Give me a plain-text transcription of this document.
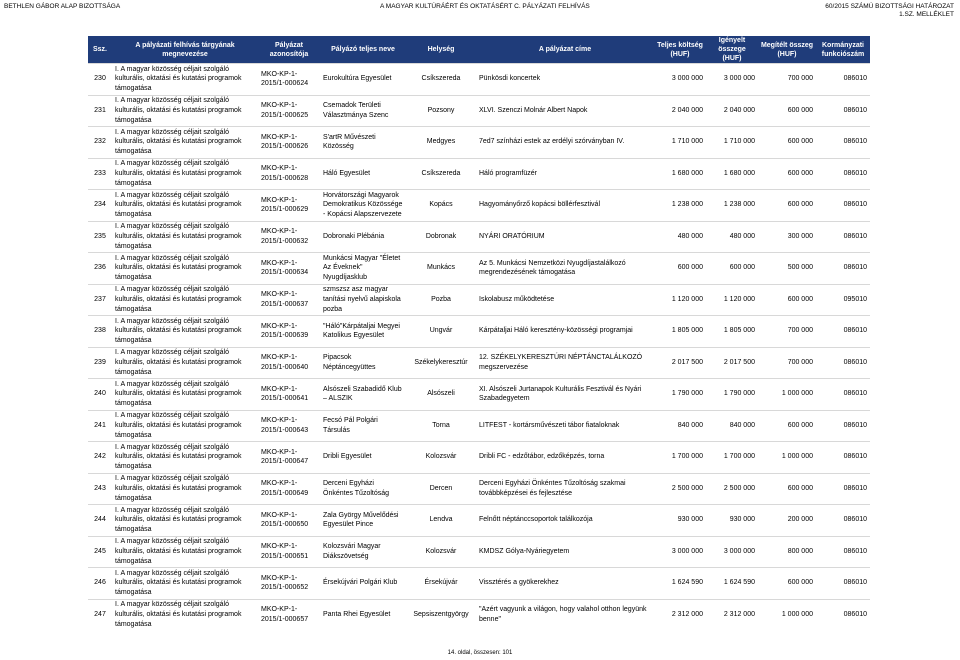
BETHLEN GÁBOR ALAP BIZOTTSÁGA	A MAGYAR KULTÚRÁÉRT ÉS OKTATÁSÉRT C. PÁLYÁZATI FELHÍVÁS	60/2015 SZÁMÚ BIZOTTSÁGI HATÁROZAT
1.SZ. MELLÉKLET
Ssz.	A pályázati felhívás tárgyának megnevezése	Pályázat azonosítója	Pályázó teljes neve	Helység	A pályázat címe	Teljes költség (HUF)	Igényelt összege (HUF)	Megítélt összeg (HUF)	Kormányzati funkciószám
230	I. A magyar közösség céljait szolgáló kulturális, oktatási és kutatási programok támogatása	MKO-KP-1-2015/1-000624	Eurokultúra Egyesület	Csíkszereda	Pünkösdi koncertek	3 000 000	3 000 000	700 000	086010
231	I. A magyar közösség céljait szolgáló kulturális, oktatási és kutatási programok támogatása	MKO-KP-1-2015/1-000625	Csemadok Területi Választmánya Szenc	Pozsony	XLVI. Szenczi Molnár Albert Napok	2 040 000	2 040 000	600 000	086010
232	I. A magyar közösség céljait szolgáló kulturális, oktatási és kutatási programok támogatása	MKO-KP-1-2015/1-000626	S'artR Művészeti Közösség	Medgyes	7ed7 színházi estek az erdélyi szórványban IV.	1 710 000	1 710 000	600 000	086010
233	I. A magyar közösség céljait szolgáló kulturális, oktatási és kutatási programok támogatása	MKO-KP-1-2015/1-000628	Háló Egyesület	Csíkszereda	Háló programfüzér	1 680 000	1 680 000	600 000	086010
234	I. A magyar közösség céljait szolgáló kulturális, oktatási és kutatási programok támogatása	MKO-KP-1-2015/1-000629	Horvátországi Magyarok Demokratikus Közössége - Kopácsi Alapszervezete	Kopács	Hagyományőrző kopácsi böllérfesztivál	1 238 000	1 238 000	600 000	086010
235	I. A magyar közösség céljait szolgáló kulturális, oktatási és kutatási programok támogatása	MKO-KP-1-2015/1-000632	Dobronaki Plébánia	Dobronak	NYÁRI ORATÓRIUM	480 000	480 000	300 000	086010
236	I. A magyar közösség céljait szolgáló kulturális, oktatási és kutatási programok támogatása	MKO-KP-1-2015/1-000634	Munkácsi Magyar "Életet Az Éveknek" Nyugdíjasklub	Munkács	Az 5. Munkácsi Nemzetközi Nyugdíjastalálkozó megrendezésének támogatása	600 000	600 000	500 000	086010
237	I. A magyar közösség céljait szolgáló kulturális, oktatási és kutatási programok támogatása	MKO-KP-1-2015/1-000637	szmszsz asz magyar tanítási nyelvű alapiskola pozba	Pozba	Iskolabusz működtetése	1 120 000	1 120 000	600 000	095010
238	I. A magyar közösség céljait szolgáló kulturális, oktatási és kutatási programok támogatása	MKO-KP-1-2015/1-000639	"Háló"Kárpátaljai Megyei Katolikus Egyesület	Ungvár	Kárpátaljai Háló keresztény-közösségi programjai	1 805 000	1 805 000	700 000	086010
239	I. A magyar közösség céljait szolgáló kulturális, oktatási és kutatási programok támogatása	MKO-KP-1-2015/1-000640	Pipacsok Néptáncegyüttes	Székelykeresztúr	12. SZÉKELYKERESZTÚRI NÉPTÁNCTALÁLKOZÓ megszervezése	2 017 500	2 017 500	700 000	086010
240	I. A magyar közösség céljait szolgáló kulturális, oktatási és kutatási programok támogatása	MKO-KP-1-2015/1-000641	Alsószeli Szabadidő Klub – ALSZIK	Alsószeli	XI. Alsószeli Jurtanapok Kulturális Fesztivál és Nyári Szabadegyetem	1 790 000	1 790 000	1 000 000	086010
241	I. A magyar közösség céljait szolgáló kulturális, oktatási és kutatási programok támogatása	MKO-KP-1-2015/1-000643	Fecsó Pál Polgári Társulás	Torna	LITFEST - kortársművészeti tábor fiataloknak	840 000	840 000	600 000	086010
242	I. A magyar közösség céljait szolgáló kulturális, oktatási és kutatási programok támogatása	MKO-KP-1-2015/1-000647	Dribli Egyesület	Kolozsvár	Dribli FC - edzőtábor, edzőképzés, torna	1 700 000	1 700 000	1 000 000	086010
243	I. A magyar közösség céljait szolgáló kulturális, oktatási és kutatási programok támogatása	MKO-KP-1-2015/1-000649	Derceni Egyházi Önkéntes Tűzoltóság	Dercen	Derceni Egyházi Önkéntes Tűzoltóság szakmai továbbképzései és fejlesztése	2 500 000	2 500 000	600 000	086010
244	I. A magyar közösség céljait szolgáló kulturális, oktatási és kutatási programok támogatása	MKO-KP-1-2015/1-000650	Zala György Művelődési Egyesület Pince	Lendva	Felnőtt néptánccsoportok találkozója	930 000	930 000	200 000	086010
245	I. A magyar közösség céljait szolgáló kulturális, oktatási és kutatási programok támogatása	MKO-KP-1-2015/1-000651	Kolozsvári Magyar Diákszövetség	Kolozsvár	KMDSZ Gólya-Nyáriegyetem	3 000 000	3 000 000	800 000	086010
246	I. A magyar közösség céljait szolgáló kulturális, oktatási és kutatási programok támogatása	MKO-KP-1-2015/1-000652	Érsekújvári Polgári Klub	Érsekújvár	Vissztérés a gyökerekhez	1 624 590	1 624 590	600 000	086010
247	I. A magyar közösség céljait szolgáló kulturális, oktatási és kutatási programok támogatása	MKO-KP-1-2015/1-000657	Panta Rhei Egyesület	Sepsiszentgyörgy	"Azért vagyunk a világon, hogy valahol otthon legyünk benne"	2 312 000	2 312 000	1 000 000	086010
14. oldal, összesen: 101
